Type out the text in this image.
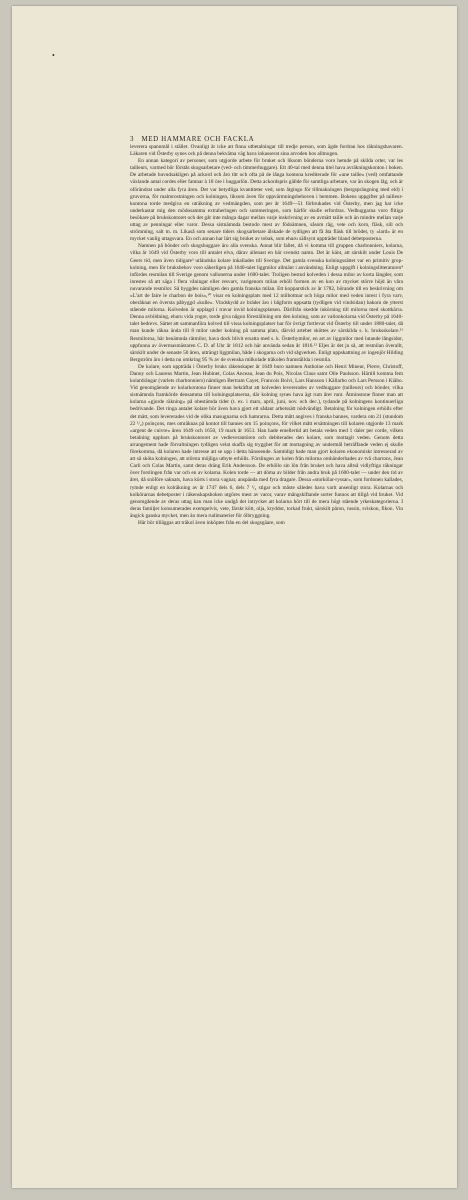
•
3 MED HAMMARE OCH FACKLA

leverera spannmål i stället. Ovanligt är icke att finna utbetalningar till tredje person, som ägde fordran hos räkningshavaren. Läkaren vid Österby synes ock på denna bekväma väg hava inkasserat sina arvoden hos allmogen.

En annan kategori av personer, som utgjorde arbete för bruket och liksom bönderna voro hemde på skilda orter, var les tailleurs, varmed bör förstås skogsarbetare (ved- och timmerhuggare). Ett 40-tal med denna titel hava avräkningskonton i boken. De arbetade huvudsakligen på ackord och åro titt och ofta på de långa kontona krediterade för »une taille« (ved) omfattande växlande antal cordes eller famnar à 18 öre i huggarlön. Detta ackordspris gällde för samtliga arbetare, var än skogen låg, och är oförändrat under alla fyra åren. Det var betydliga kvantiteter ved, som åtgingo för tillmakningen (bergsprängning med eld) i gruvorna, för malmrostningen och kolningen, liksom även för uppvärmningsbehoven i hemmen. Bokens uppgifter på tailleur-kontona torde medgiva en uträkning av vedmängden, som per år 1649—51 förbrukades vid Österby, men jag har icke underkastat mig den mödosamma extraheringen och summeringen, som härför skulle erfordras. Vedhuggarna voro flitiga besökare på brukskontoret och det går inte många dagar mellan varje inskrivning av en avmätt taille och än mindre mellan varje uttag av penningar eller varor. Dessa sistnämnda bestodo mest av födoämnen, såsom råg, vete och korn, fläsk, sill och strömming, salt m. m. Likaså som senare tiders skogsarbetare älskade de tydligen att få åta fläsk till brödet, ty »lard« är en mycket vanlig uttagsvara. En och annan har lärt sig bruket av tobak, som ehuru sällsynt uppträder bland debetposterna.

Namnen på bönder och skogshuggare äro alla svenska. Annat blir fallet, då vi komma till gruppen charbonniers, kolarna, vilka år 1649 vid Österby voro till antalet elva, därav allenast en bär svenskt namn. Det är känt, att särskilt under Louis De Geers tid, men även tidigare³ utländska kolare inkallades till Sverige. Det gamla svenska kolningssättet var en primitiv grop-kolning, men för bruksbehov voro säkerligen på 1640-talet liggmilor allmänt i användning. Enligt uppgift i kolningslitteraturen⁴ infördes resmilan till Sverige genom vallonerna under 1600-talet. Troligen bestod kolveden i dessa milor av korta längder, som inrestes så att säga i flera våningar eller resvarv, varigenom milan erhöll formen av en kon av mycket större höjd än våra nuvarande resmilor. Så byggdes nämligen den gamla franska milan. Ett kopparstick av år 1782, hörande till en beskrivning om »L’art de faire le charbon de bois«,¹⁰ visar en kolningsplats med 12 milbottnar och höga milor med veden inrest i fyra varv, oberäknat en översta påbyggd »kulle«. Vindskydd av bräder äro i bågform uppsatta (tydligen vid vindsidan) bakom de ytterst stående milorna. Kolveden är upplagd i travar invid kolningsplatsen. Därifrån skedde inkörning till milorna med skottkärra. Denna avbildning, ehuru vida yngre, torde giva någon föreställning om den kolning, som av vallonkolarna vid Österby på 1640-talet bedrevs. Sättet att sammanföra kolved till vissa kolningsplatser har för övrigt fortlevat vid Österby till under 1880-talet, då man kunde räkna ända till 8 milor under kolning på samma plats, därvid artebet sköttes av särskilda s. k. bruksskolare.¹¹ Resmilorna, här benämnda rätmilor, hava dock blivit ersatta med s. k. Österbymilor, en art av liggmilor med lutande långsidor, uppfunna av övermasmästaren C. D. af Uhr år 1812 och här använda sedan år 1816.¹² Eljes är det ju så, att resmilan överallt, särskilt under de senaste 50 åren, utträngt liggmilan, både i skogarna och vid sågverken. Enligt uppskattning av ingenjör Hilding Bergström äro i detta nu omkring 95 % av de svenska milkolade träkolen framställda i resmila.

De kolare, som uppträda i Österby bruks räkenskaper år 1649 buro namnen Anthoine och Henri Mineur, Pierre, Christoff, Danny och Laurens Martin, Jean Hubinet, Colas Anceau, Jean du Pois, Nicolas Claus samt Olle Paulsson. Härtill komma fem kolardrängar (varlets charbonniers) nämligen Bertram Cayet, Francois Boivi, Lars Hansson i Källarbo och Lars Persson i Kiäbo. Vid genomgående av kolarkontona finner man bekräftat att kolveden levererades av vedhuggare (tailleurs) och bönder, vilka sistnämnda framkörde densamma till kolningsplatserna, där kolning synes hava ägt rum året runt. Åtminstone finner man att kolarna »gjorde räkning« på obestämda tider (t. ex. i mars, april, juni, nov. och dec.), tydande på kolningens kontinuerliga bedrivande. Det ringa antalet kolare bör även hava gjort ett sådant arbetssätt nödvändigt. Betalning för kolningen erhölls efter det mätt, som levererades vid de olika masugnarna och hamrarna. Detta mått angives i franska bannes, vardera om 21 (stundom 22 ¹/₂) poinçons, mes omräknas på kontot till bannes om 15 poinçons, för vilket mått ersättningen till kolaren utgjorde 13 mark »argent de cuivre« åren 1649 och 1650, 19 mark år 1651. Han hade emellertid att betala veden med 1 daler per corde, vilken betalning uppbars på brukskontoret av vedleverantören och debiterades den kolare, som mottagit veden. Genom detta arrangement hade förvaltningen tydligen velat skaffa sig trygghet för att mottagning av undermål beträffande veden ej skulle förekomma, då kolaren hade intresse att se upp i detta hänseende. Samtidigt hade man gjort kolaren ekonomiskt intresserad av att så sköta kolningen, att största möjliga utbyte erhölls. Förslingen av kolen från milorna omhänderhades av två charrons, Jean Carli och Colas Martin, samt deras dräng Erik Andersson. De erhöllo sin lön från bruket och hava alltså vidlyftiga räkningar över forslingen från var och en av kolarna. Kolen torde — att döma av bilder från andra bruk på 1600-talet — under den tid av året, då snöföre saknats, hava körts i stora vagnar, anspända med fyra dragare. Dessa »storkölar-ryssar«, som fordonen kallades, rymde enligt en kolräkning av år 1747 dels 6, dels 7 ¹/₂ stigar och måste således hava varit ansenligt stora. Kolarnas och kolkörarnas debetposter i räkenskapsboken utgöres mest av varor, varav mångskiftande sorter funnos att tillgå vid bruket. Vid genomgående av deras uttag kan man icke undgå det intrycket att kolarna hört till de mera högt stående yrkeskategorierna. I deras familjer konsumerades exempelvis, vete, färskt kött, olja, kryddor, torkad frukt, särskilt päron, russin, sviskon, fikon. Vin ängick ganska mycket, men än mera rudimaterier för ölbryggning.

Här bör tilläggas att träkol även inköptes från en del skogsgäare, som
